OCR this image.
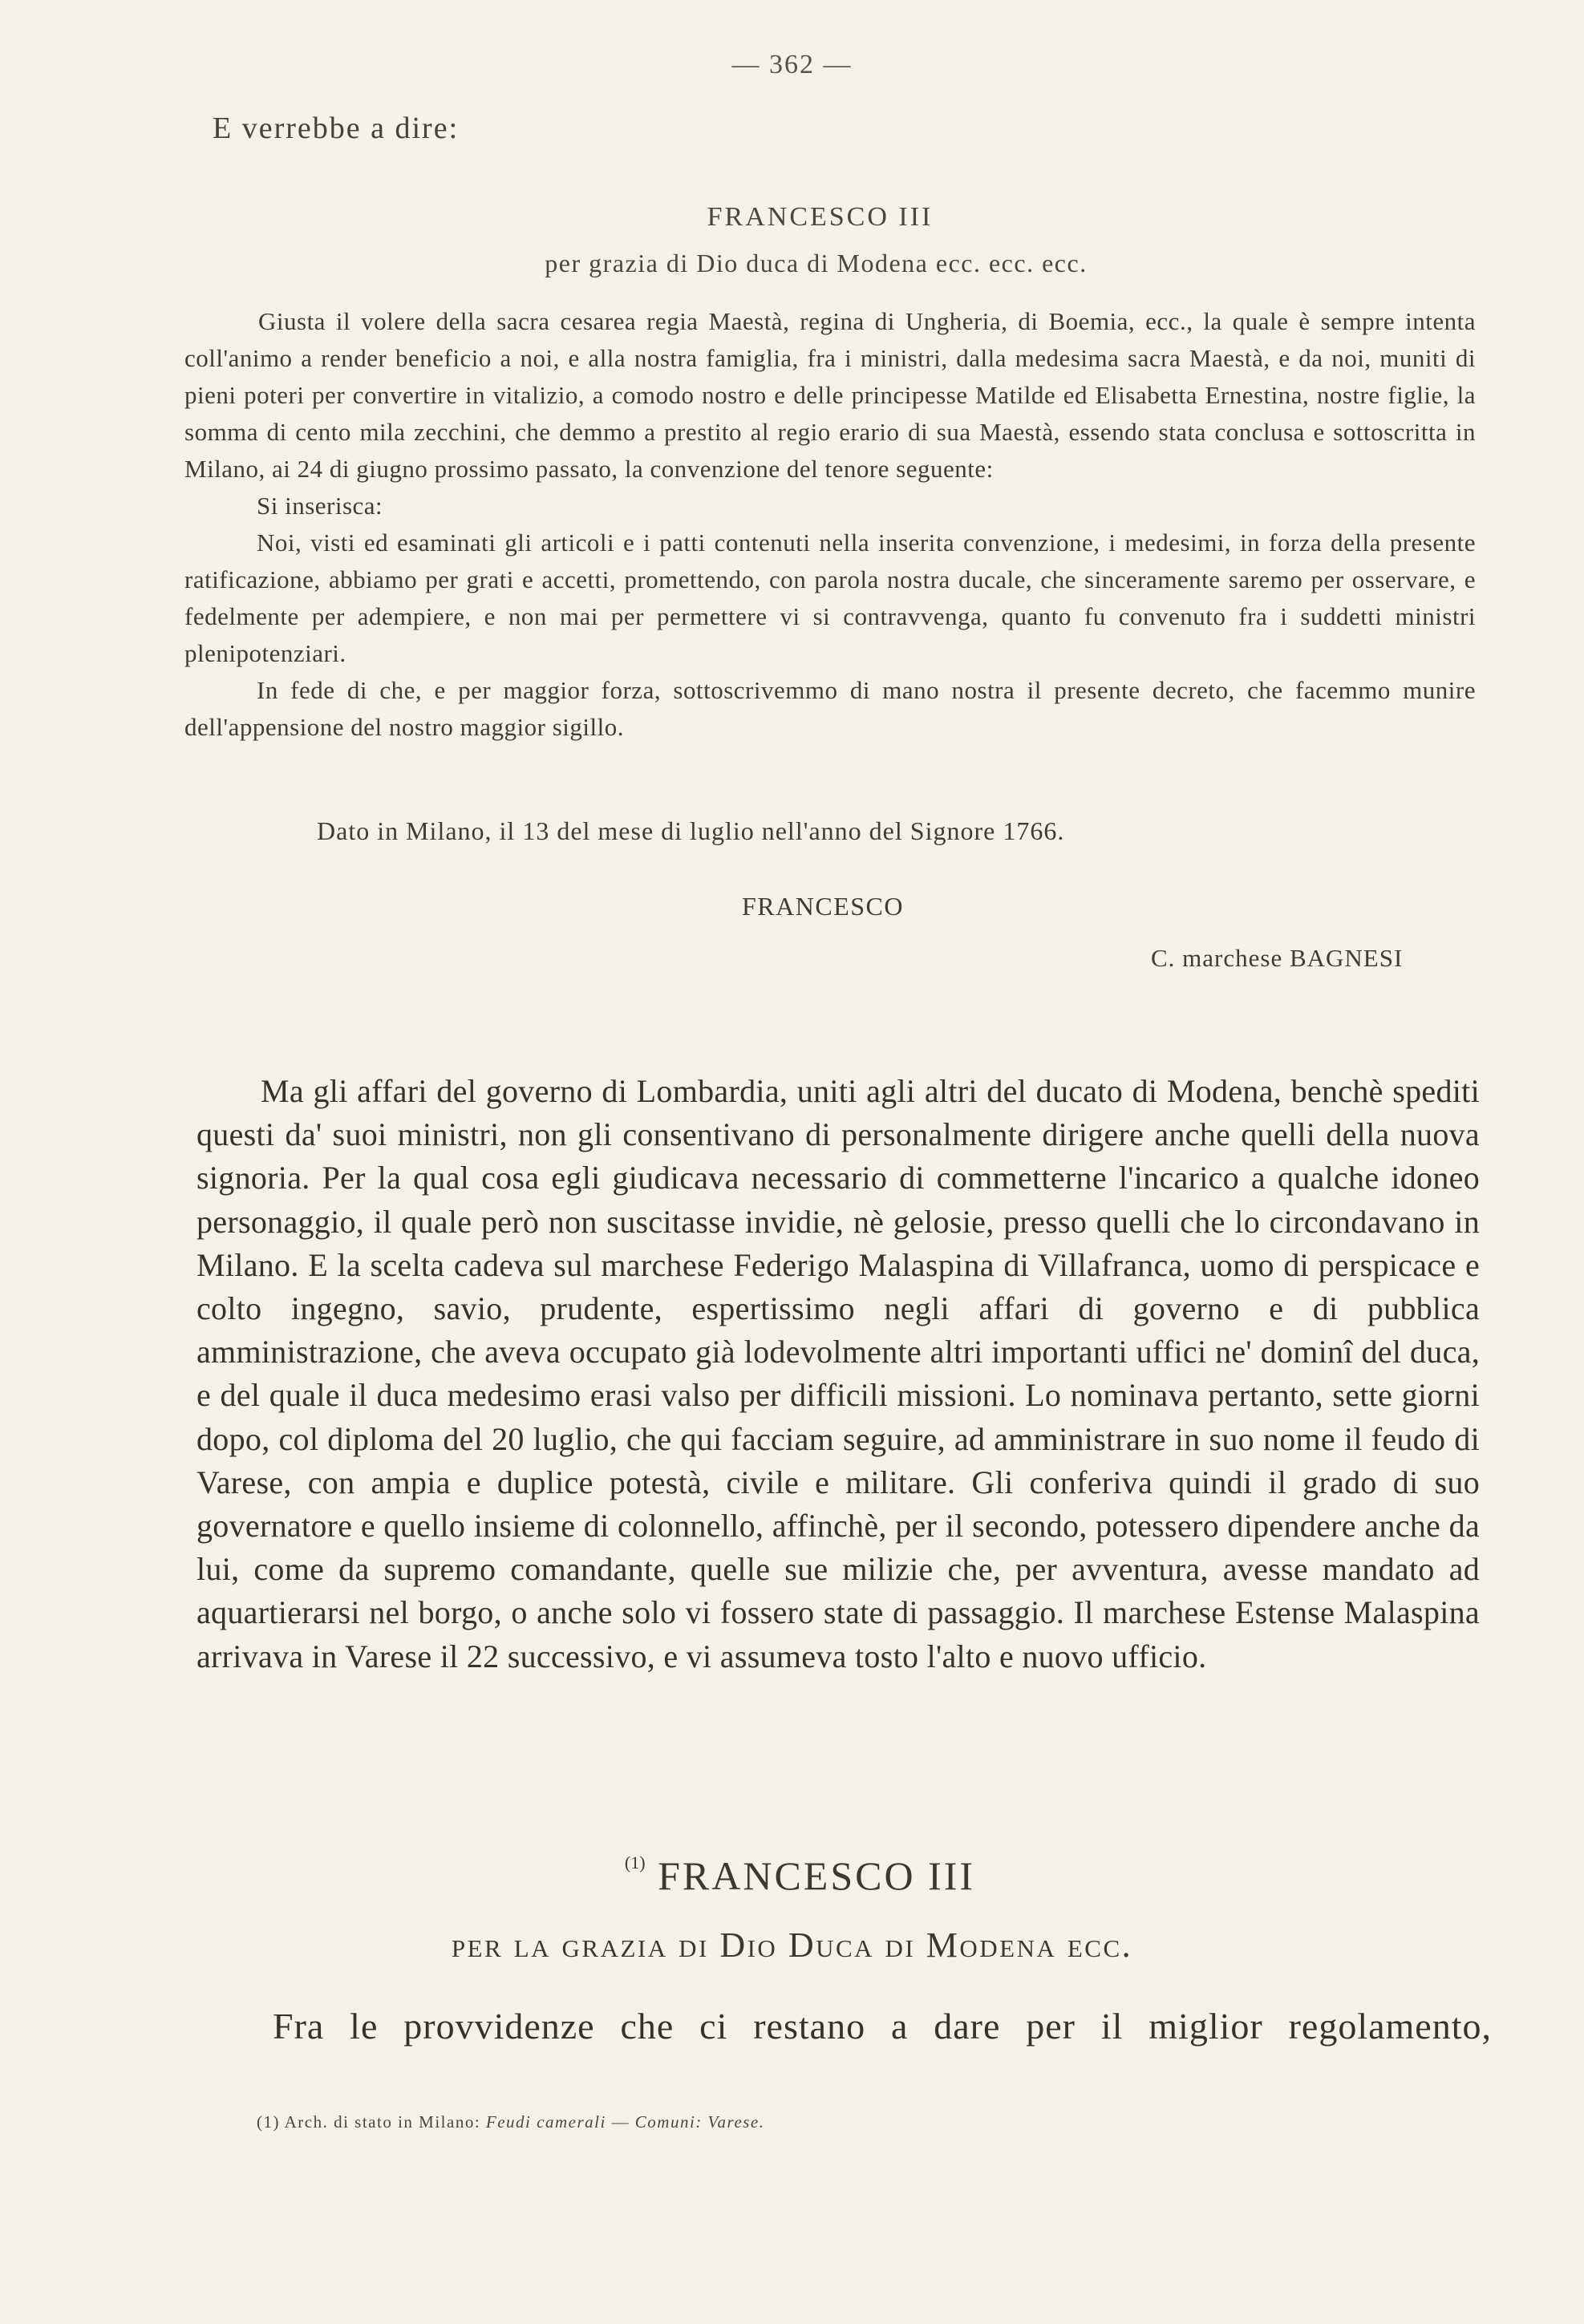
— 362 —
E verrebbe a dire:
FRANCESCO III
per grazia di Dio duca di Modena ecc. ecc. ecc.

Giusta il volere della sacra cesarea regia Maestà, regina di Ungheria, di Boemia, ecc., la quale è sempre intenta coll'animo a render beneficio a noi, e alla nostra famiglia, fra i ministri, dalla medesima sacra Maestà, e da noi, muniti di pieni poteri per convertire in vitalizio, a comodo nostro e delle principesse Matilde ed Elisabetta Ernestina, nostre figlie, la somma di cento mila zecchini, che demmo a prestito al regio erario di sua Maestà, essendo stata conclusa e sottoscritta in Milano, ai 24 di giugno prossimo passato, la convenzione del tenore seguente:

Si inserisca:

Noi, visti ed esaminati gli articoli e i patti contenuti nella inserita convenzione, i medesimi, in forza della presente ratificazione, abbiamo per grati e accetti, promettendo, con parola nostra ducale, che sinceramente saremo per osservare, e fedelmente per adempiere, e non mai per permettere vi si contravvenga, quanto fu convenuto fra i suddetti ministri plenipotenziari.

In fede di che, e per maggior forza, sottoscrivemmo di mano nostra il presente decreto, che facemmo munire dell'appensione del nostro maggior sigillo.

Dato in Milano, il 13 del mese di luglio nell'anno del Signore 1766.
FRANCESCO
C. marchese BAGNESI

Ma gli affari del governo di Lombardia, uniti agli altri del ducato di Modena, benchè spediti questi da' suoi ministri, non gli consentivano di personalmente dirigere anche quelli della nuova signoria. Per la qual cosa egli giudicava necessario di commetterne l'incarico a qualche idoneo personaggio, il quale però non suscitasse invidie, nè gelosie, presso quelli che lo circondavano in Milano. E la scelta cadeva sul marchese Federigo Malaspina di Villafranca, uomo di perspicace e colto ingegno, savio, prudente, espertissimo negli affari di governo e di pubblica amministrazione, che aveva occupato già lodevolmente altri importanti uffici ne' dominî del duca, e del quale il duca medesimo erasi valso per difficili missioni. Lo nominava pertanto, sette giorni dopo, col diploma del 20 luglio, che qui facciam seguire, ad amministrare in suo nome il feudo di Varese, con ampia e duplice potestà, civile e militare. Gli conferiva quindi il grado di suo governatore e quello insieme di colonnello, affinchè, per il secondo, potessero dipendere anche da lui, come da supremo comandante, quelle sue milizie che, per avventura, avesse mandato ad aquartierarsi nel borgo, o anche solo vi fossero state di passaggio. Il marchese Estense Malaspina arrivava in Varese il 22 successivo, e vi assumeva tosto l'alto e nuovo ufficio.

$^{(1)}$ FRANCESCO III
per la grazia di Dio Duca di Modena ecc.
Fra le provvidenze che ci restano a dare per il miglior regolamento,
(1) Arch. di stato in Milano: Feudi camerali — Comuni: Varese.
